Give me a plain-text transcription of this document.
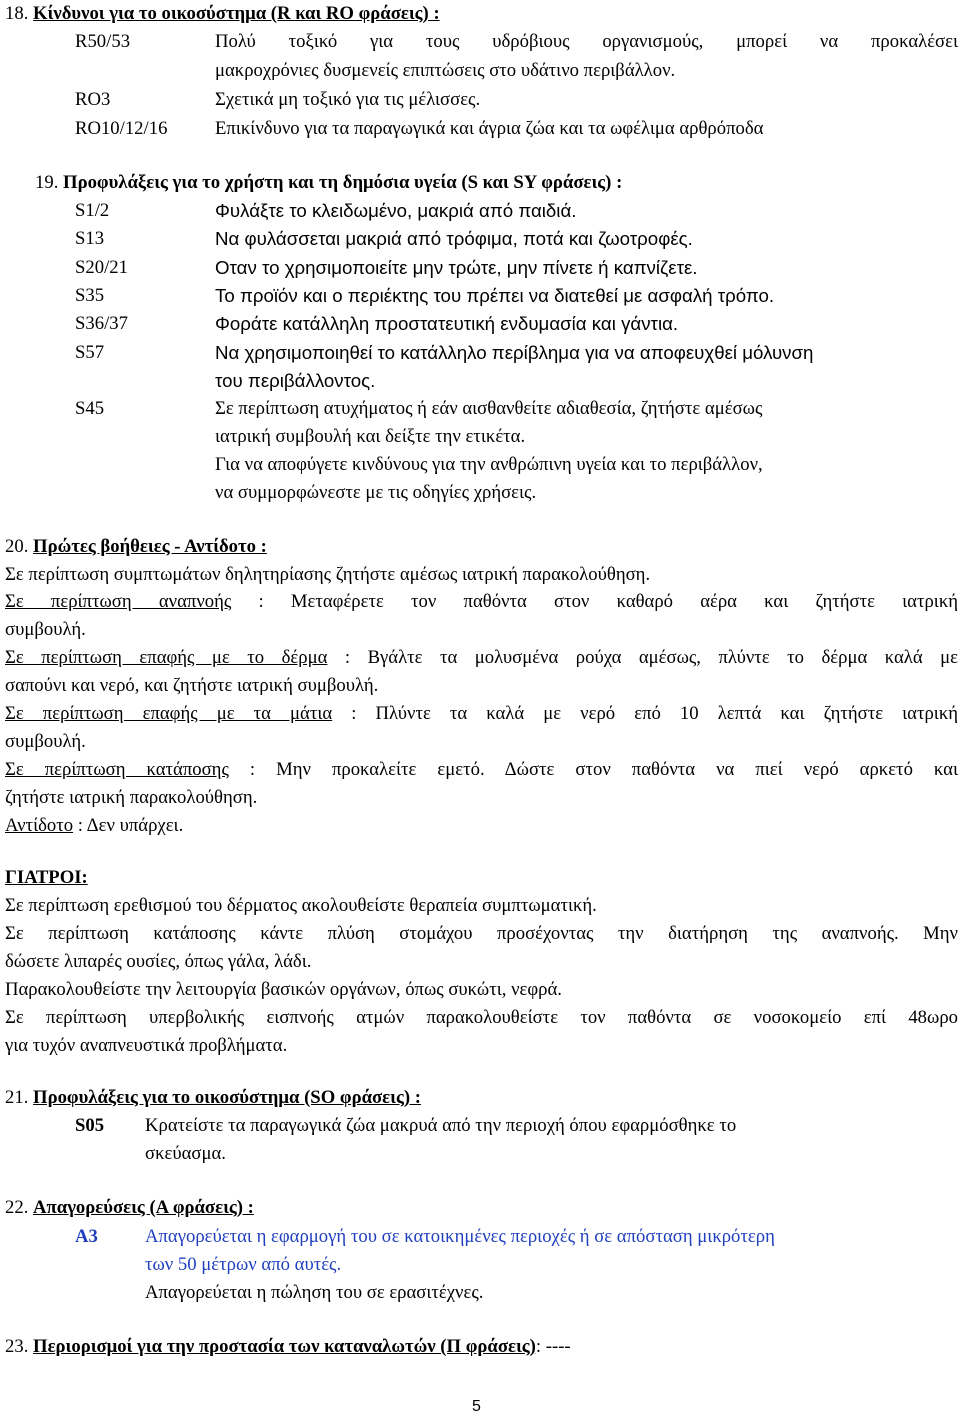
18. Κίνδυνοι για το οικοσύστημα (R και RO φράσεις) :
R50/53	Πολύ τοξικό για τους υδρόβιους οργανισμούς, μπορεί να προκαλέσει
μακροχρόνιες δυσμενείς επιπτώσεις στο υδάτινο περιβάλλον.
RO3	Σχετικά μη τοξικό για τις μέλισσες.
RO10/12/16	Επικίνδυνο για τα παραγωγικά και άγρια ζώα και τα ωφέλιμα αρθρόποδα
19. Προφυλάξεις για το χρήστη και τη δημόσια υγεία (S και SY φράσεις) :
S1/2	Φυλάξτε το κλειδωμένο, μακριά από παιδιά.
S13	Να φυλάσσεται μακριά από τρόφιμα, ποτά και ζωοτροφές.
S20/21	Οταν το χρησιμοποιείτε μην τρώτε, μην πίνετε ή καπνίζετε.
S35	Το προϊόν και ο περιέκτης του πρέπει να διατεθεί με ασφαλή τρόπο.
S36/37	Φοράτε κατάλληλη προστατευτική ενδυμασία και γάντια.
S57	Να χρησιμοποιηθεί το κατάλληλο περίβλημα για να αποφευχθεί μόλυνση
του περιβάλλοντος.
S45	Σε περίπτωση ατυχήματος ή εάν αισθανθείτε αδιαθεσία, ζητήστε αμέσως
ιατρική συμβουλή και δείξτε την ετικέτα.
Για να αποφύγετε κινδύνους για την ανθρώπινη υγεία και το περιβάλλον,
να συμμορφώνεστε με τις οδηγίες χρήσεις.
20. Πρώτες βοήθειες - Αντίδοτο :
Σε περίπτωση συμπτωμάτων δηλητηρίασης ζητήστε αμέσως ιατρική παρακολούθηση.
Σε περίπτωση αναπνοής : Μεταφέρετε τον παθόντα στον καθαρό αέρα και ζητήστε ιατρική
συμβουλή.
Σε περίπτωση επαφής με το δέρμα : Βγάλτε τα μολυσμένα ρούχα αμέσως, πλύντε το δέρμα καλά με
σαπούνι και νερό, και ζητήστε ιατρική συμβουλή.
Σε περίπτωση επαφής με τα μάτια : Πλύντε τα καλά με νερό επό 10 λεπτά και ζητήστε ιατρική
συμβουλή.
Σε περίπτωση κατάποσης : Μην προκαλείτε εμετό. Δώστε στον παθόντα να πιεί νερό αρκετό και
ζητήστε ιατρική παρακολούθηση.
Αντίδοτο : Δεν υπάρχει.
ΓΙΑΤΡΟΙ:
Σε περίπτωση ερεθισμού του δέρματος ακολουθείστε θεραπεία συμπτωματική.
Σε περίπτωση κατάποσης κάντε πλύση στομάχου προσέχοντας την διατήρηση της αναπνοής. Μην
δώσετε λιπαρές ουσίες, όπως γάλα, λάδι.
Παρακολουθείστε την λειτουργία βασικών οργάνων, όπως συκώτι, νεφρά.
Σε περίπτωση υπερβολικής εισπνοής ατμών παρακολουθείστε τον παθόντα σε νοσοκομείο επί 48ωρο
για τυχόν αναπνευστικά προβλήματα.
21. Προφυλάξεις για το οικοσύστημα (SO φράσεις) :
S05 Κρατείστε τα παραγωγικά ζώα μακρυά από την περιοχή όπου εφαρμόσθηκε το
σκεύασμα.
22. Απαγορεύσεις (Α φράσεις) :
A3	Απαγορεύεται η εφαρμογή του σε κατοικημένες περιοχές ή σε απόσταση μικρότερη
των 50 μέτρων από αυτές.
Απαγορεύεται η πώληση του σε ερασιτέχνες.
23. Περιορισμοί για την προστασία των καταναλωτών (Π φράσεις): ----
5
